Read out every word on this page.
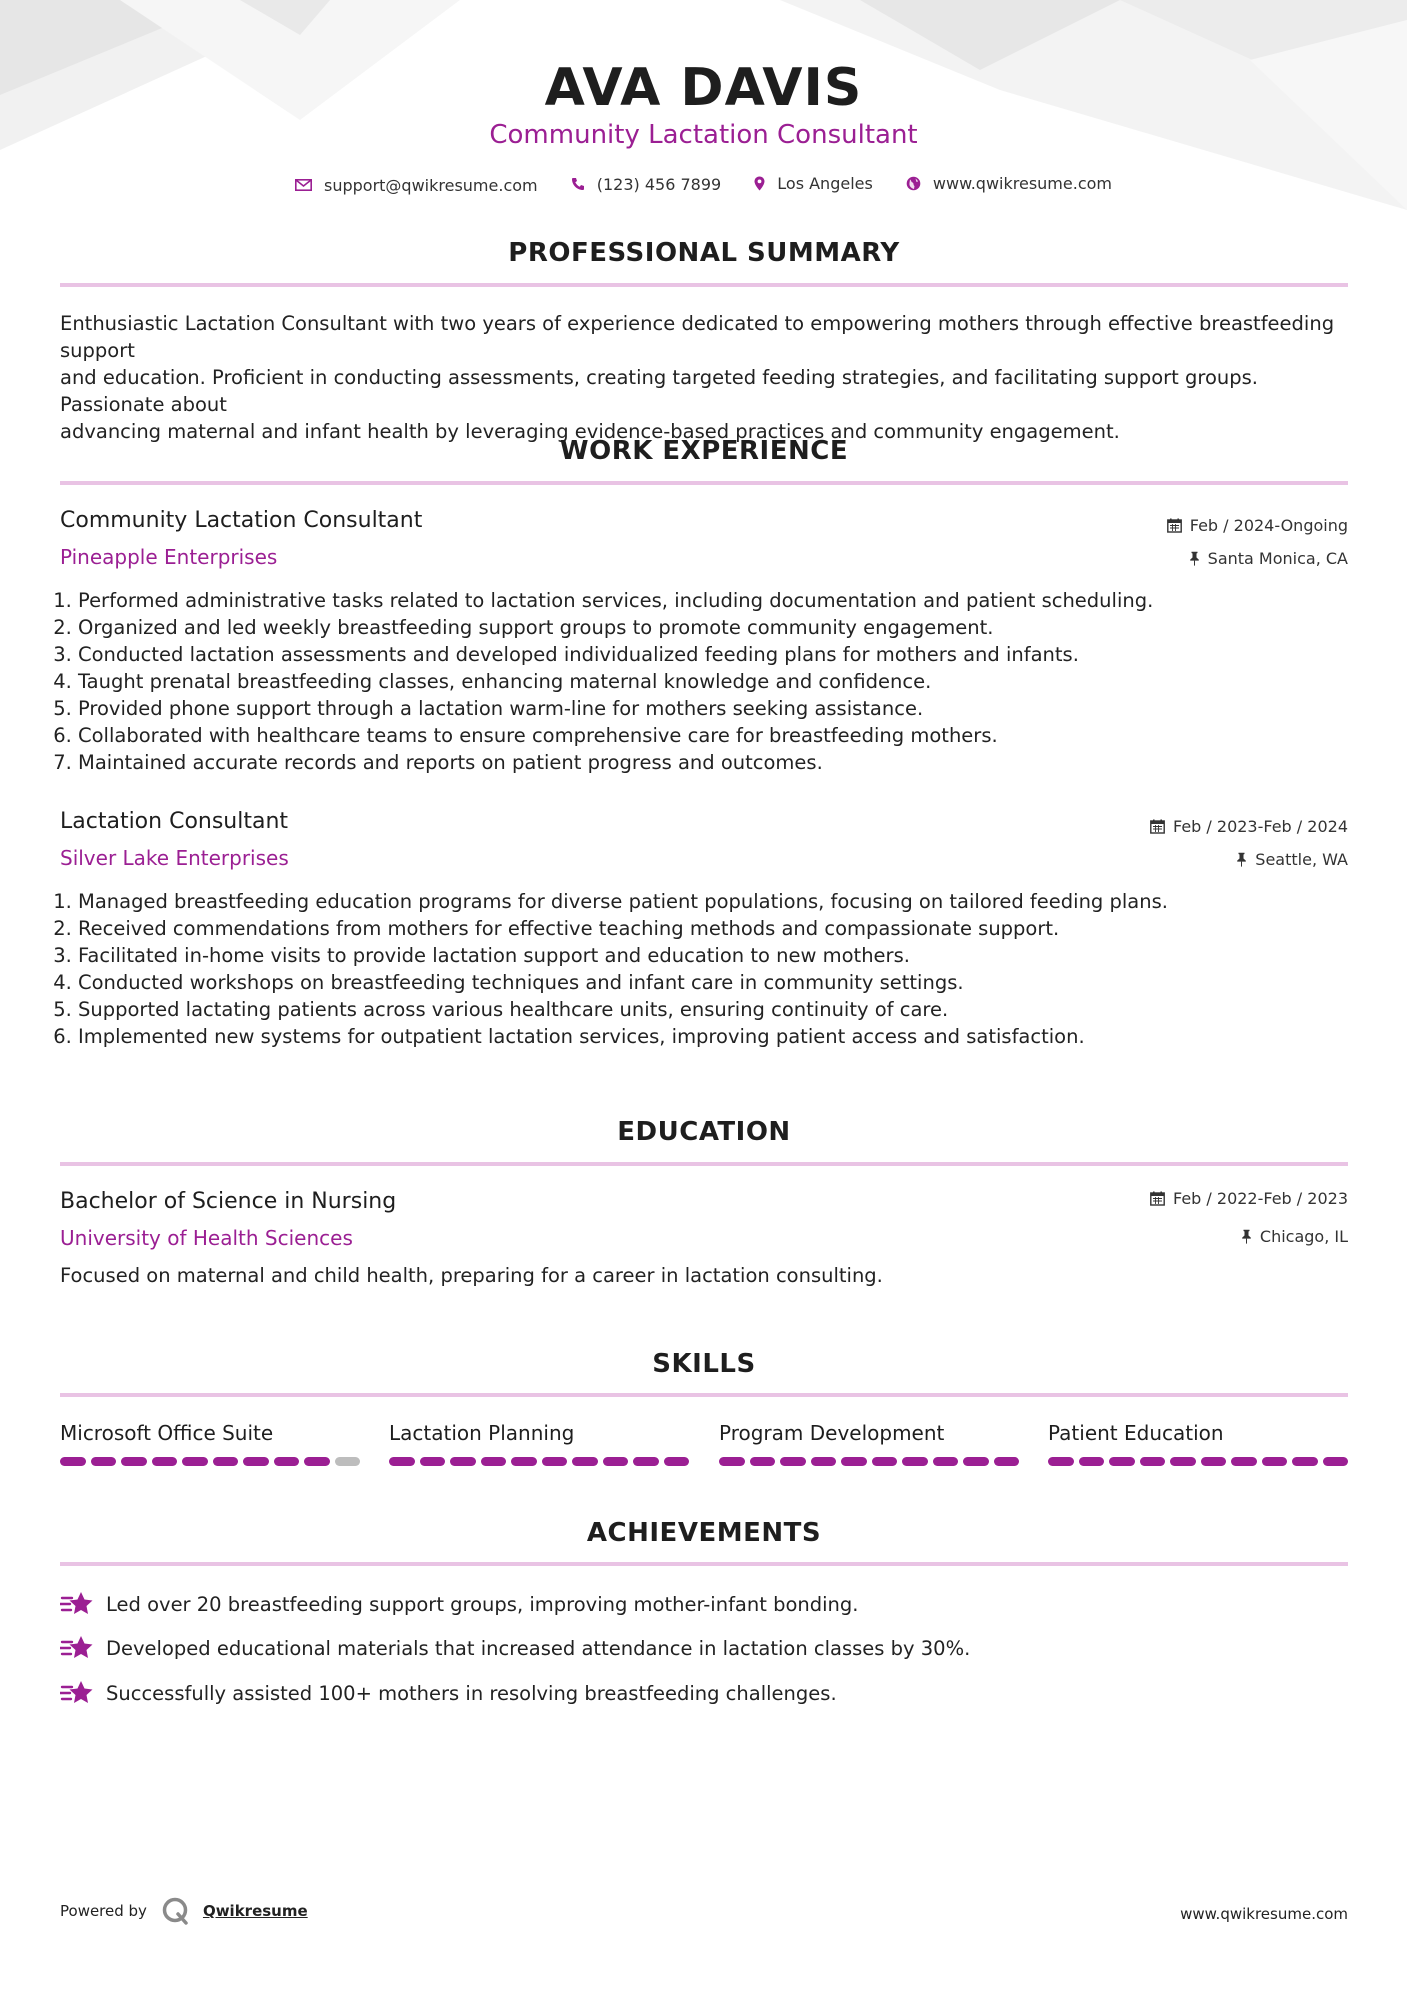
AVA DAVIS
Community Lactation Consultant
support@qwikresume.com
	(123) 456 7899
	Los Angeles
	www.qwikresume.com
PROFESSIONAL SUMMARY
Enthusiastic Lactation Consultant with two years of experience dedicated to empowering mothers through effective breastfeeding support
and education. Proficient in conducting assessments, creating targeted feeding strategies, and facilitating support groups. Passionate about
advancing maternal and infant health by leveraging evidence-based practices and community engagement.
WORK EXPERIENCE
Community Lactation Consultant	Feb / 2024-Ongoing
Pineapple Enterprises	Santa Monica, CA
1. Performed administrative tasks related to lactation services, including documentation and patient scheduling.
2. Organized and led weekly breastfeeding support groups to promote community engagement.
3. Conducted lactation assessments and developed individualized feeding plans for mothers and infants.
4. Taught prenatal breastfeeding classes, enhancing maternal knowledge and confidence.
5. Provided phone support through a lactation warm-line for mothers seeking assistance.
6. Collaborated with healthcare teams to ensure comprehensive care for breastfeeding mothers.
7. Maintained accurate records and reports on patient progress and outcomes.
Lactation Consultant	Feb / 2023-Feb / 2024
Silver Lake Enterprises	Seattle, WA
1. Managed breastfeeding education programs for diverse patient populations, focusing on tailored feeding plans.
2. Received commendations from mothers for effective teaching methods and compassionate support.
3. Facilitated in-home visits to provide lactation support and education to new mothers.
4. Conducted workshops on breastfeeding techniques and infant care in community settings.
5. Supported lactating patients across various healthcare units, ensuring continuity of care.
6. Implemented new systems for outpatient lactation services, improving patient access and satisfaction.
EDUCATION
Bachelor of Science in Nursing	Feb / 2022-Feb / 2023
University of Health Sciences	Chicago, IL
Focused on maternal and child health, preparing for a career in lactation consulting.
SKILLS
Microsoft Office Suite	Lactation Planning	Program Development	Patient Education
ACHIEVEMENTS
Led over 20 breastfeeding support groups, improving mother-infant bonding.
Developed educational materials that increased attendance in lactation classes by 30%.
Successfully assisted 100+ mothers in resolving breastfeeding challenges.
Powered by	Qwikresume	www.qwikresume.com
